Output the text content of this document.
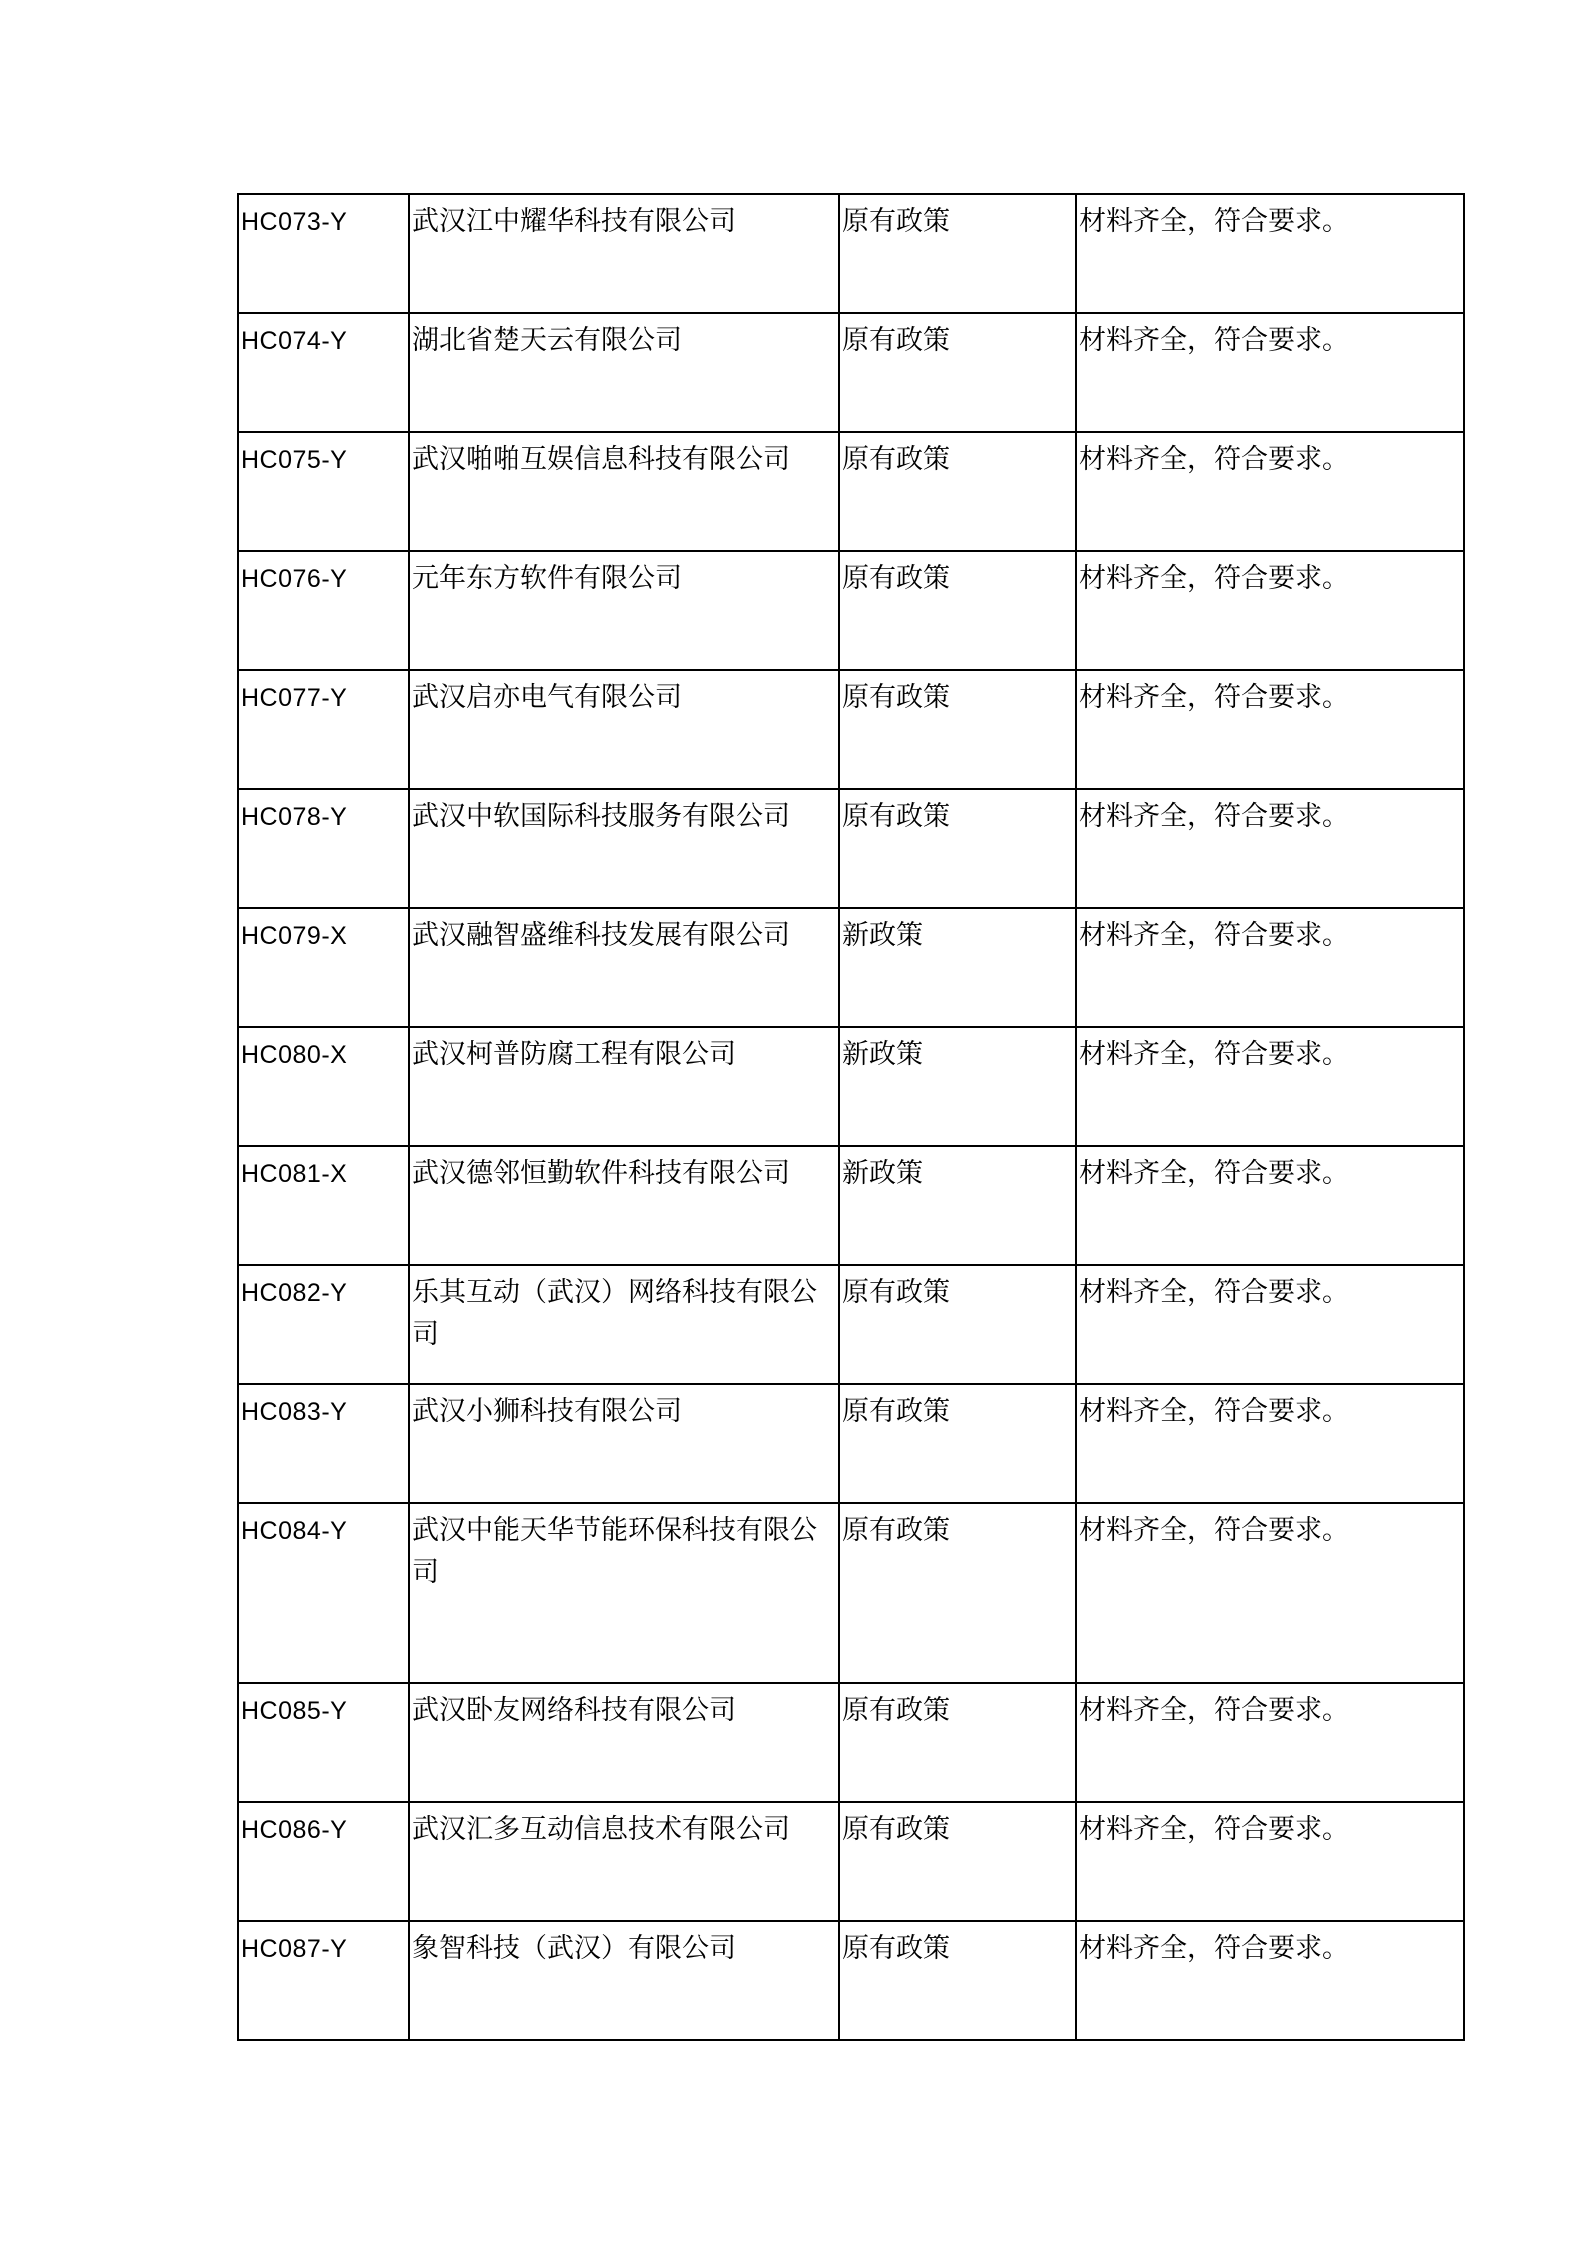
HC073-Y	武汉江中耀华科技有限公司	原有政策	材料齐全，符合要求。
HC074-Y	湖北省楚天云有限公司	原有政策	材料齐全，符合要求。
HC075-Y	武汉啪啪互娱信息科技有限公司	原有政策	材料齐全，符合要求。
HC076-Y	元年东方软件有限公司	原有政策	材料齐全，符合要求。
HC077-Y	武汉启亦电气有限公司	原有政策	材料齐全，符合要求。
HC078-Y	武汉中软国际科技服务有限公司	原有政策	材料齐全，符合要求。
HC079-X	武汉融智盛维科技发展有限公司	新政策	材料齐全，符合要求。
HC080-X	武汉柯普防腐工程有限公司	新政策	材料齐全，符合要求。
HC081-X	武汉德邻恒勤软件科技有限公司	新政策	材料齐全，符合要求。
HC082-Y	乐其互动（武汉）网络科技有限公司	原有政策	材料齐全，符合要求。
HC083-Y	武汉小狮科技有限公司	原有政策	材料齐全，符合要求。
HC084-Y	武汉中能天华节能环保科技有限公司	原有政策	材料齐全，符合要求。
HC085-Y	武汉卧友网络科技有限公司	原有政策	材料齐全，符合要求。
HC086-Y	武汉汇多互动信息技术有限公司	原有政策	材料齐全，符合要求。
HC087-Y	象智科技（武汉）有限公司	原有政策	材料齐全，符合要求。
